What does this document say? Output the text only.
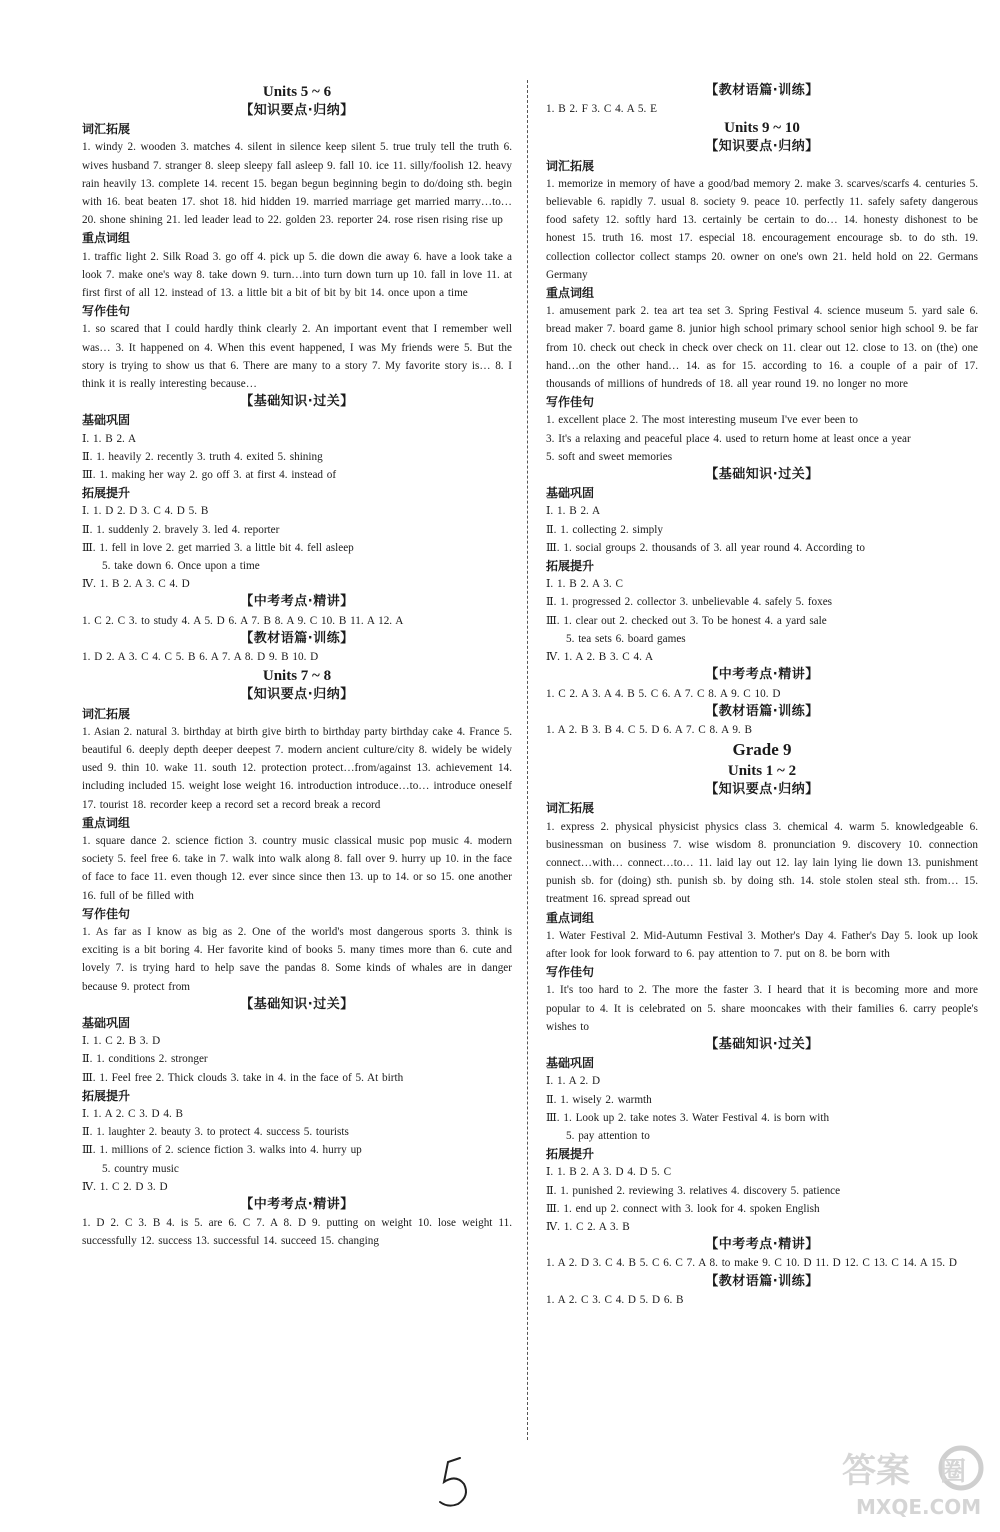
Units 5 ~ 6
【知识要点·归纳】
词汇拓展
1. windy 2. wooden 3. matches 4. silent in silence keep silent 5. true truly tell the truth 6. wives husband 7. stranger 8. sleep sleepy fall asleep 9. fall 10. ice 11. silly/foolish 12. heavy rain heavily 13. complete 14. recent 15. began begun beginning begin to do/doing sth. begin with 16. beat beaten 17. shot 18. hid hidden 19. married marriage get married marry…to… 20. shone shining 21. led leader lead to 22. golden 23. reporter 24. rose risen rising rise up
重点词组
1. traffic light 2. Silk Road 3. go off 4. pick up 5. die down die away 6. have a look take a look 7. make one's way 8. take down 9. turn…into turn down turn up 10. fall in love 11. at first first of all 12. instead of 13. a little bit a bit of bit by bit 14. once upon a time
写作佳句
1. so scared that I could hardly think clearly 2. An important event that I remember well was… 3. It happened on 4. When this event happened, I was My friends were 5. But the story is trying to show us that 6. There are many to a story 7. My favorite story is… 8. I think it is really interesting because…
【基础知识·过关】
基础巩固
Ⅰ. 1. B 2. A
Ⅱ. 1. heavily 2. recently 3. truth 4. exited 5. shining
Ⅲ. 1. making her way 2. go off 3. at first 4. instead of
拓展提升
Ⅰ. 1. D 2. D 3. C 4. D 5. B
Ⅱ. 1. suddenly 2. bravely 3. led 4. reporter
Ⅲ. 1. fell in love 2. get married 3. a little bit 4. fell asleep
5. take down 6. Once upon a time
Ⅳ. 1. B 2. A 3. C 4. D
【中考考点·精讲】
1. C 2. C 3. to study 4. A 5. D 6. A 7. B 8. A 9. C 10. B 11. A 12. A
【教材语篇·训练】
1. D 2. A 3. C 4. C 5. B 6. A 7. A 8. D 9. B 10. D
Units 7 ~ 8
【知识要点·归纳】
词汇拓展
1. Asian 2. natural 3. birthday at birth give birth to birthday party birthday cake 4. France 5. beautiful 6. deeply depth deeper deepest 7. modern ancient culture/city 8. widely be widely used 9. thin 10. wake 11. south 12. protection protect…from/against 13. achievement 14. including included 15. weight lose weight 16. introduction introduce…to… introduce oneself 17. tourist 18. recorder keep a record set a record break a record
重点词组
1. square dance 2. science fiction 3. country music classical music pop music 4. modern society 5. feel free 6. take in 7. walk into walk along 8. fall over 9. hurry up 10. in the face of face to face 11. even though 12. ever since since then 13. up to 14. or so 15. one another 16. full of be filled with
写作佳句
1. As far as I know as big as 2. One of the world's most dangerous sports 3. think is exciting is a bit boring 4. Her favorite kind of books 5. many times more than 6. cute and lovely 7. is trying hard to help save the pandas 8. Some kinds of whales are in danger because 9. protect from
【基础知识·过关】
基础巩固
Ⅰ. 1. C 2. B 3. D
Ⅱ. 1. conditions 2. stronger
Ⅲ. 1. Feel free 2. Thick clouds 3. take in 4. in the face of 5. At birth
拓展提升
Ⅰ. 1. A 2. C 3. D 4. B
Ⅱ. 1. laughter 2. beauty 3. to protect 4. success 5. tourists
Ⅲ. 1. millions of 2. science fiction 3. walks into 4. hurry up
5. country music
Ⅳ. 1. C 2. D 3. D
【中考考点·精讲】
1. D 2. C 3. B 4. is 5. are 6. C 7. A 8. D 9. putting on weight 10. lose weight 11. successfully 12. success 13. successful 14. succeed 15. changing
【教材语篇·训练】
1. B 2. F 3. C 4. A 5. E
Units 9 ~ 10
【知识要点·归纳】
词汇拓展
1. memorize in memory of have a good/bad memory 2. make 3. scarves/scarfs 4. centuries 5. believable 6. rapidly 7. usual 8. society 9. peace 10. perfectly 11. safely safety dangerous food safety 12. softly hard 13. certainly be certain to do… 14. honesty dishonest to be honest 15. truth 16. most 17. especial 18. encouragement encourage sb. to do sth. 19. collection collector collect stamps 20. owner on one's own 21. held hold on 22. Germans Germany
重点词组
1. amusement park 2. tea art tea set 3. Spring Festival 4. science museum 5. yard sale 6. bread maker 7. board game 8. junior high school primary school senior high school 9. be far from 10. check out check in check over check on 11. clear out 12. close to 13. on (the) one hand…on the other hand… 14. as for 15. according to 16. a couple of a pair of 17. thousands of millions of hundreds of 18. all year round 19. no longer no more
写作佳句
1. excellent place 2. The most interesting museum I've ever been to
3. It's a relaxing and peaceful place 4. used to return home at least once a year
5. soft and sweet memories
【基础知识·过关】
基础巩固
Ⅰ. 1. B 2. A
Ⅱ. 1. collecting 2. simply
Ⅲ. 1. social groups 2. thousands of 3. all year round 4. According to
拓展提升
Ⅰ. 1. B 2. A 3. C
Ⅱ. 1. progressed 2. collector 3. unbelievable 4. safely 5. foxes
Ⅲ. 1. clear out 2. checked out 3. To be honest 4. a yard sale
5. tea sets 6. board games
Ⅳ. 1. A 2. B 3. C 4. A
【中考考点·精讲】
1. C 2. A 3. A 4. B 5. C 6. A 7. C 8. A 9. C 10. D
【教材语篇·训练】
1. A 2. B 3. B 4. C 5. D 6. A 7. C 8. A 9. B
Grade 9
Units 1 ~ 2
【知识要点·归纳】
词汇拓展
1. express 2. physical physicist physics class 3. chemical 4. warm 5. knowledgeable 6. businessman on business 7. wise wisdom 8. pronunciation 9. discovery 10. connection connect…with… connect…to… 11. laid lay out 12. lay lain lying lie down 13. punishment punish sb. for (doing) sth. punish sb. by doing sth. 14. stole stolen steal sth. from… 15. treatment 16. spread spread out
重点词组
1. Water Festival 2. Mid-Autumn Festival 3. Mother's Day 4. Father's Day 5. look up look after look for look forward to 6. pay attention to 7. put on 8. be born with
写作佳句
1. It's too hard to 2. The more the faster 3. I heard that it is becoming more and more popular to 4. It is celebrated on 5. share mooncakes with their families 6. carry people's wishes to
【基础知识·过关】
基础巩固
Ⅰ. 1. A 2. D
Ⅱ. 1. wisely 2. warmth
Ⅲ. 1. Look up 2. take notes 3. Water Festival 4. is born with
5. pay attention to
拓展提升
Ⅰ. 1. B 2. A 3. D 4. D 5. C
Ⅱ. 1. punished 2. reviewing 3. relatives 4. discovery 5. patience
Ⅲ. 1. end up 2. connect with 3. look for 4. spoken English
Ⅳ. 1. C 2. A 3. B
【中考考点·精讲】
1. A 2. D 3. C 4. B 5. C 6. C 7. A 8. to make 9. C 10. D 11. D 12. C 13. C 14. A 15. D
【教材语篇·训练】
1. A 2. C 3. C 4. D 5. D 6. B
答案 圈
MXQE.COM
